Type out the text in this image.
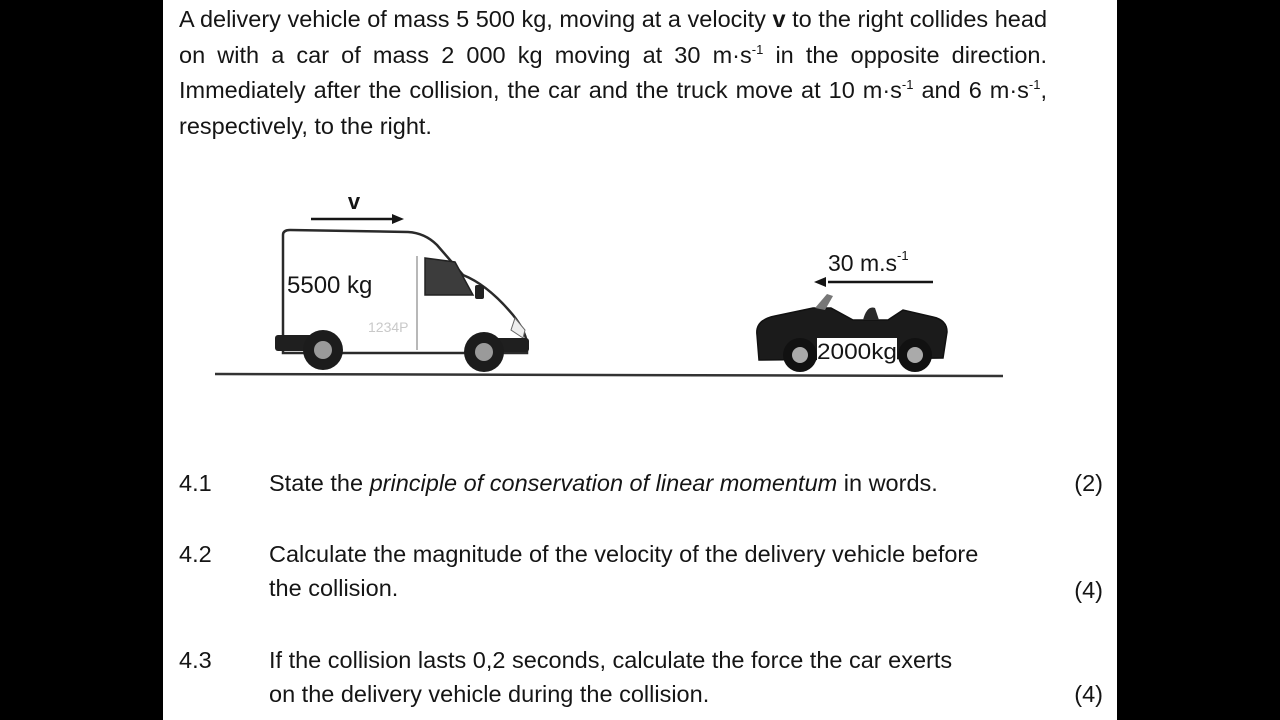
A delivery vehicle of mass 5 500 kg, moving at a velocity v to the right collides head on with a car of mass 2 000 kg moving at 30 $m\cdot s^{-1}$ in the opposite direction. Immediately after the collision, the car and the truck move at 10 $m\cdot s^{-1}$ and 6 $m\cdot s^{-1}$, respectively, to the right.

v
1234P
5500 kg
30 $m.s^{-1}$
2000kg
4.1 State the principle of conservation of linear momentum in words.	(2)
4.2 Calculate the magnitude of the velocity of the delivery vehicle before
the collision.	(4)
4.3 If the collision lasts 0,2 seconds, calculate the force the car exerts
on the delivery vehicle during the collision.	(4)
